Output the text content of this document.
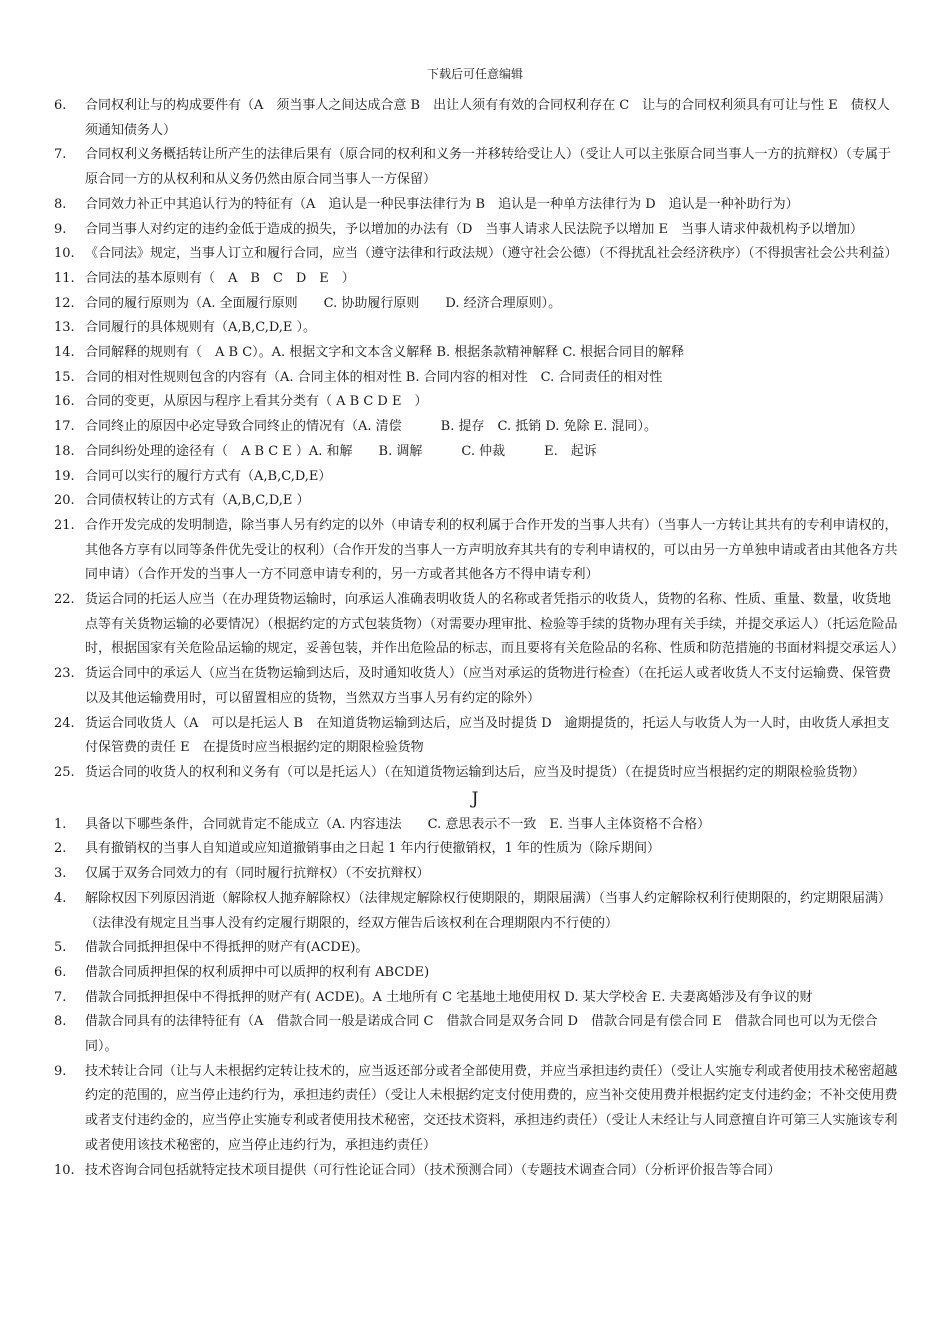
下载后可任意编辑
6. 合同权利让与的构成要件有（A　须当事人之间达成合意 B　出让人须有有效的合同权利存在 C　让与的合同权利须具有可让与性 E　债权人须通知债务人）
7. 合同权利义务概括转让所产生的法律后果有（原合同的权利和义务一并移转给受让人）（受让人可以主张原合同当事人一方的抗辩权）（专属于原合同一方的从权利和从义务仍然由原合同当事人一方保留）
8. 合同效力补正中其追认行为的特征有（A　追认是一种民事法律行为 B　追认是一种单方法律行为 D　追认是一种补助行为）
9. 合同当事人对约定的违约金低于造成的损失，予以增加的办法有（D　当事人请求人民法院予以增加 E　当事人请求仲裁机构予以增加）
10. 《合同法》规定，当事人订立和履行合同，应当（遵守法律和行政法规）（遵守社会公德）（不得扰乱社会经济秩序）（不得损害社会公共利益）
11. 合同法的基本原则有（　A　B　C　D　E　）
12. 合同的履行原则为（A. 全面履行原则　　C. 协助履行原则　　D. 经济合理原则）。
13. 合同履行的具体规则有（A,B,C,D,E ）。
14. 合同解释的规则有（　A B C）。A. 根据文字和文本含义解释 B. 根据条款精神解释 C. 根据合同目的解释
15. 合同的相对性规则包含的内容有（A. 合同主体的相对性 B. 合同内容的相对性　C. 合同责任的相对性
16. 合同的变更，从原因与程序上看其分类有（ A B C D E　）
17. 合同终止的原因中必定导致合同终止的情况有（A. 清偿　　　B. 提存　C. 抵销 D. 免除 E. 混同）。
18. 合同纠纷处理的途径有（　A B C E ）A. 和解　　B. 调解　　　C. 仲裁　　　E.　起诉
19. 合同可以实行的履行方式有（A,B,C,D,E）
20. 合同债权转让的方式有（A,B,C,D,E ）
21. 合作开发完成的发明制造，除当事人另有约定的以外（申请专利的权利属于合作开发的当事人共有）（当事人一方转让其共有的专利申请权的，其他各方享有以同等条件优先受让的权利）（合作开发的当事人一方声明放弃其共有的专利申请权的，可以由另一方单独申请或者由其他各方共同申请）（合作开发的当事人一方不同意申请专利的，另一方或者其他各方不得申请专利）
22. 货运合同的托运人应当（在办理货物运输时，向承运人准确表明收货人的名称或者凭指示的收货人，货物的名称、性质、重量、数量，收货地点等有关货物运输的必要情况）（根据约定的方式包装货物）（对需要办理审批、检验等手续的货物办理有关手续，并提交承运人）（托运危险品时，根据国家有关危险品运输的规定，妥善包装，并作出危险品的标志，而且要将有关危险品的名称、性质和防范措施的书面材料提交承运人）
23. 货运合同中的承运人（应当在货物运输到达后，及时通知收货人）（应当对承运的货物进行检查）（在托运人或者收货人不支付运输费、保管费以及其他运输费用时，可以留置相应的货物，当然双方当事人另有约定的除外）
24. 货运合同收货人（A　可以是托运人 B　在知道货物运输到达后，应当及时提货 D　逾期提货的，托运人与收货人为一人时，由收货人承担支付保管费的责任 E　在提货时应当根据约定的期限检验货物
25. 货运合同的收货人的权利和义务有（可以是托运人）（在知道货物运输到达后，应当及时提货）（在提货时应当根据约定的期限检验货物）

J

1. 具备以下哪些条件，合同就肯定不能成立（A. 内容违法　　C. 意思表示不一致　E. 当事人主体资格不合格）
2. 具有撤销权的当事人自知道或应知道撤销事由之日起 1 年内行使撤销权，1 年的性质为（除斥期间）
3. 仅属于双务合同效力的有（同时履行抗辩权）（不安抗辩权）
4. 解除权因下列原因消逝（解除权人抛弃解除权）（法律规定解除权行使期限的，期限届满）（当事人约定解除权利行使期限的，约定期限届满）（法律没有规定且当事人没有约定履行期限的，经双方催告后该权利在合理期限内不行使的）
5. 借款合同抵押担保中不得抵押的财产有(ACDE)。
6. 借款合同质押担保的权利质押中可以质押的权利有 ABCDE)
7. 借款合同抵押担保中不得抵押的财产有( ACDE)。A 土地所有 C 宅基地土地使用权 D. 某大学校舍 E. 夫妻离婚涉及有争议的财
8. 借款合同具有的法律特征有（A　借款合同一般是诺成合同 C　借款合同是双务合同 D　借款合同是有偿合同 E　借款合同也可以为无偿合同）。
9. 技术转让合同（让与人未根据约定转让技术的，应当返还部分或者全部使用费，并应当承担违约责任）（受让人实施专利或者使用技术秘密超越约定的范围的，应当停止违约行为，承担违约责任）（受让人未根据约定支付使用费的，应当补交使用费并根据约定支付违约金；不补交使用费或者支付违约金的，应当停止实施专利或者使用技术秘密，交还技术资料，承担违约责任）（受让人未经让与人同意擅自许可第三人实施该专利或者使用该技术秘密的，应当停止违约行为，承担违约责任）
10. 技术咨询合同包括就特定技术项目提供（可行性论证合同）（技术预测合同）（专题技术调查合同）（分析评价报告等合同）
